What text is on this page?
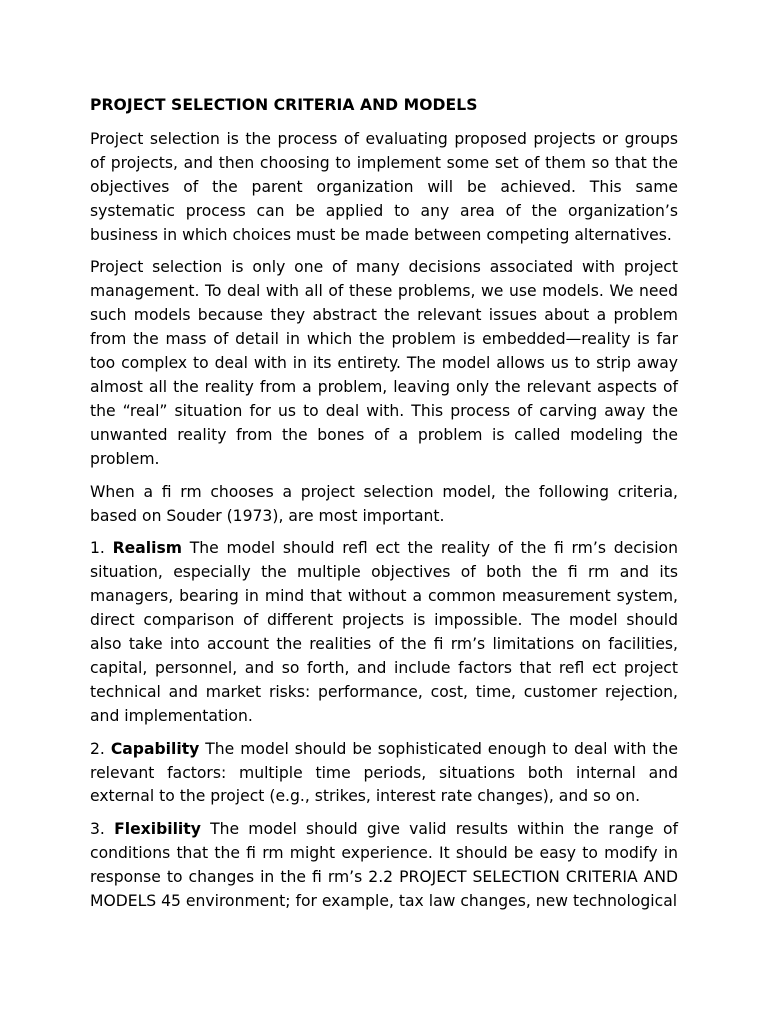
PROJECT SELECTION CRITERIA AND MODELS

Project selection is the process of evaluating proposed projects or groups of projects, and then choosing to implement some set of them so that the objectives of the parent organization will be achieved. This same systematic process can be applied to any area of the organization’s business in which choices must be made between competing alternatives.

Project selection is only one of many decisions associated with project management. To deal with all of these problems, we use models. We need such models because they abstract the relevant issues about a problem from the mass of detail in which the problem is embedded—reality is far too complex to deal with in its entirety. The model allows us to strip away almost all the reality from a problem, leaving only the relevant aspects of the “real” situation for us to deal with. This process of carving away the unwanted reality from the bones of a problem is called modeling the problem.

When a fi rm chooses a project selection model, the following criteria, based on Souder (1973), are most important.

1. Realism The model should refl ect the reality of the fi rm’s decision situation, especially the multiple objectives of both the fi rm and its managers, bearing in mind that without a common measurement system, direct comparison of different projects is impossible. The model should also take into account the realities of the fi rm’s limitations on facilities, capital, personnel, and so forth, and include factors that refl ect project technical and market risks: performance, cost, time, customer rejection, and implementation.

2. Capability The model should be sophisticated enough to deal with the relevant factors: multiple time periods, situations both internal and external to the project (e.g., strikes, interest rate changes), and so on.

3. Flexibility The model should give valid results within the range of conditions that the fi rm might experience. It should be easy to modify in response to changes in the fi rm’s 2.2 PROJECT SELECTION CRITERIA AND MODELS 45 environment; for example, tax law changes, new technological
